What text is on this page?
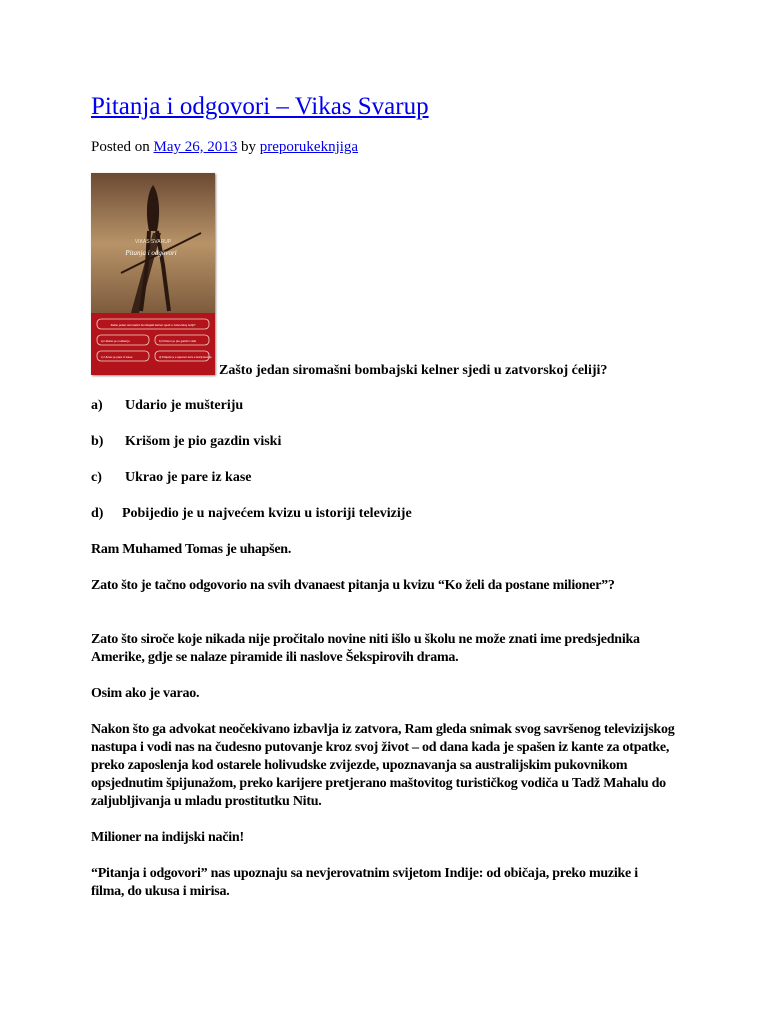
Pitanja i odgovori – Vikas Svarup
Posted on May 26, 2013 by preporukeknjiga
VIKAS SVARUP
Pitanja i odgovori
Zašto jedan siromašni bombajski kelner sjedi u zatvorskoj ćeliji?
a) Udario je mušteriju	b) Krišom je pio gazdin viski
c) Ukrao je pare iz kase	d) Pobijedio je u najvećem kvizu u istoriji televizije
Zašto jedan siromašni bombajski kelner sjedi u zatvorskoj ćeliji?
a) Udario je mušteriju
b) Krišom je pio gazdin viski
c) Ukrao je pare iz kase
d) Pobijedio je u najvećem kvizu u istoriji televizije

Ram Muhamed Tomas je uhapšen.

Zato što je tačno odgovorio na svih dvanaest pitanja u kvizu “Ko želi da postane milioner”?

Zato što siroče koje nikada nije pročitalo novine niti išlo u školu ne može znati ime predsjednika Amerike, gdje se nalaze piramide ili naslove Šekspirovih drama.

Osim ako je varao.

Nakon što ga advokat neočekivano izbavlja iz zatvora, Ram gleda snimak svog savršenog televizijskog nastupa i vodi nas na čudesno putovanje kroz svoj život – od dana kada je spašen iz kante za otpatke, preko zaposlenja kod ostarele holivudske zvijezde, upoznavanja sa australijskim pukovnikom opsjednutim špijunažom, preko karijere pretjerano maštovitog turističkog vodiča u Tadž Mahalu do zaljubljivanja u mladu prostitutku Nitu.

Milioner na indijski način!

“Pitanja i odgovori” nas upoznaju sa nevjerovatnim svijetom Indije: od običaja, preko muzike i filma, do ukusa i mirisa.
